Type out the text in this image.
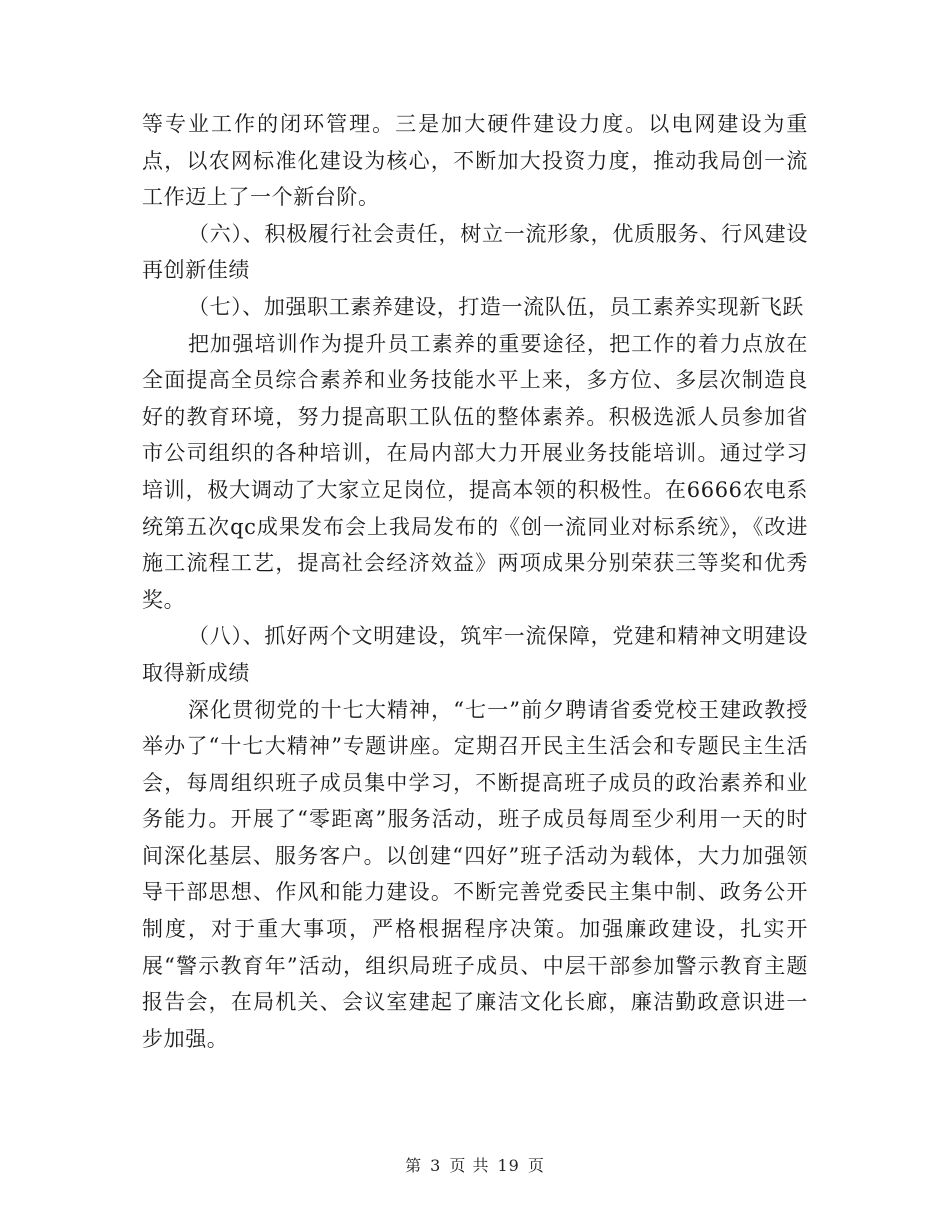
等专业工作的闭环管理。三是加大硬件建设力度。以电网建设为重点，以农网标准化建设为核心，不断加大投资力度，推动我局创一流工作迈上了一个新台阶。

（六）、积极履行社会责任，树立一流形象，优质服务、行风建设再创新佳绩

（七）、加强职工素养建设，打造一流队伍，员工素养实现新飞跃

把加强培训作为提升员工素养的重要途径，把工作的着力点放在全面提高全员综合素养和业务技能水平上来，多方位、多层次制造良好的教育环境，努力提高职工队伍的整体素养。积极选派人员参加省市公司组织的各种培训，在局内部大力开展业务技能培训。通过学习培训，极大调动了大家立足岗位，提高本领的积极性。在6666农电系统第五次qc成果发布会上我局发布的《创一流同业对标系统》，《改进施工流程工艺，提高社会经济效益》两项成果分别荣获三等奖和优秀奖。

（八）、抓好两个文明建设，筑牢一流保障，党建和精神文明建设取得新成绩

深化贯彻党的十七大精神，“七一”前夕聘请省委党校王建政教授举办了“十七大精神”专题讲座。定期召开民主生活会和专题民主生活会，每周组织班子成员集中学习，不断提高班子成员的政治素养和业务能力。开展了“零距离”服务活动，班子成员每周至少利用一天的时间深化基层、服务客户。以创建“四好”班子活动为载体，大力加强领导干部思想、作风和能力建设。不断完善党委民主集中制、政务公开制度，对于重大事项，严格根据程序决策。加强廉政建设，扎实开展“警示教育年”活动，组织局班子成员、中层干部参加警示教育主题报告会，在局机关、会议室建起了廉洁文化长廊，廉洁勤政意识进一步加强。

第 3 页 共 19 页
